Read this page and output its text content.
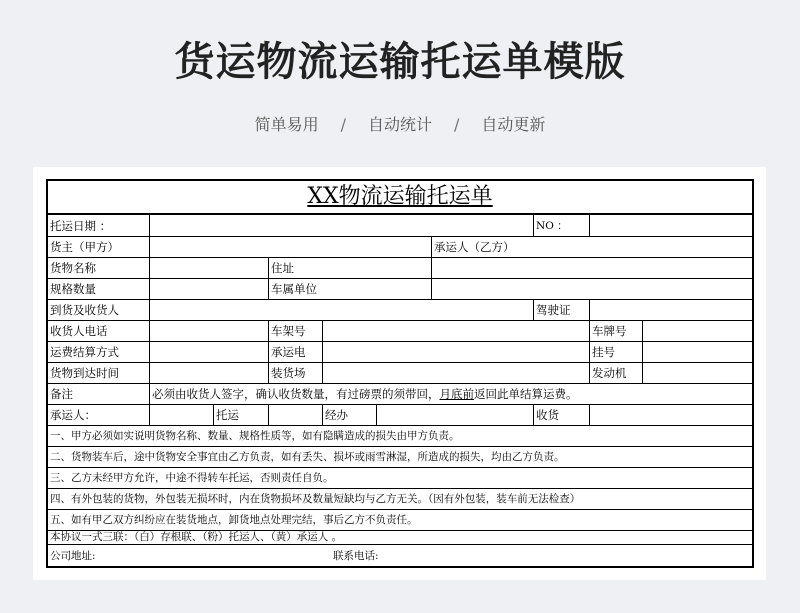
货运物流运输托运单模版
简单易用 / 自动统计 / 自动更新
XX物流运输托运单
托运日期 ：	NO ：
货主（甲方）	承运人（乙方）
货物名称	住址
规格数量	车属单位
到货及收货人	驾驶证
收货人电话	车架号	车牌号
运费结算方式	承运电	挂号
货物到达时间	装货场	发动机
备注	必须由收货人签字，确认收货数量，有过磅票的须带回，月底前返回此单结算运费。
承运人：	托运	经办	收货
一、甲方必须如实说明货物名称、数量、规格性质等，如有隐瞒造成的损失由甲方负责。
二、货物装车后，途中货物安全事宜由乙方负责，如有丢失、损坏或雨雪淋湿，所造成的损失，均由乙方负责。
三、乙方未经甲方允许，中途不得转车托运，否则责任自负。
四、有外包装的货物，外包装无损坏时，内在货物损坏及数量短缺均与乙方无关。（因有外包装，装车前无法检查）
五、如有甲乙双方纠纷应在装货地点，卸货地点处理完结，事后乙方不负责任。
本协议一式三联：（白）存根联、（粉）托运人、（黄）承运人 。
公司地址:	联系电话:
